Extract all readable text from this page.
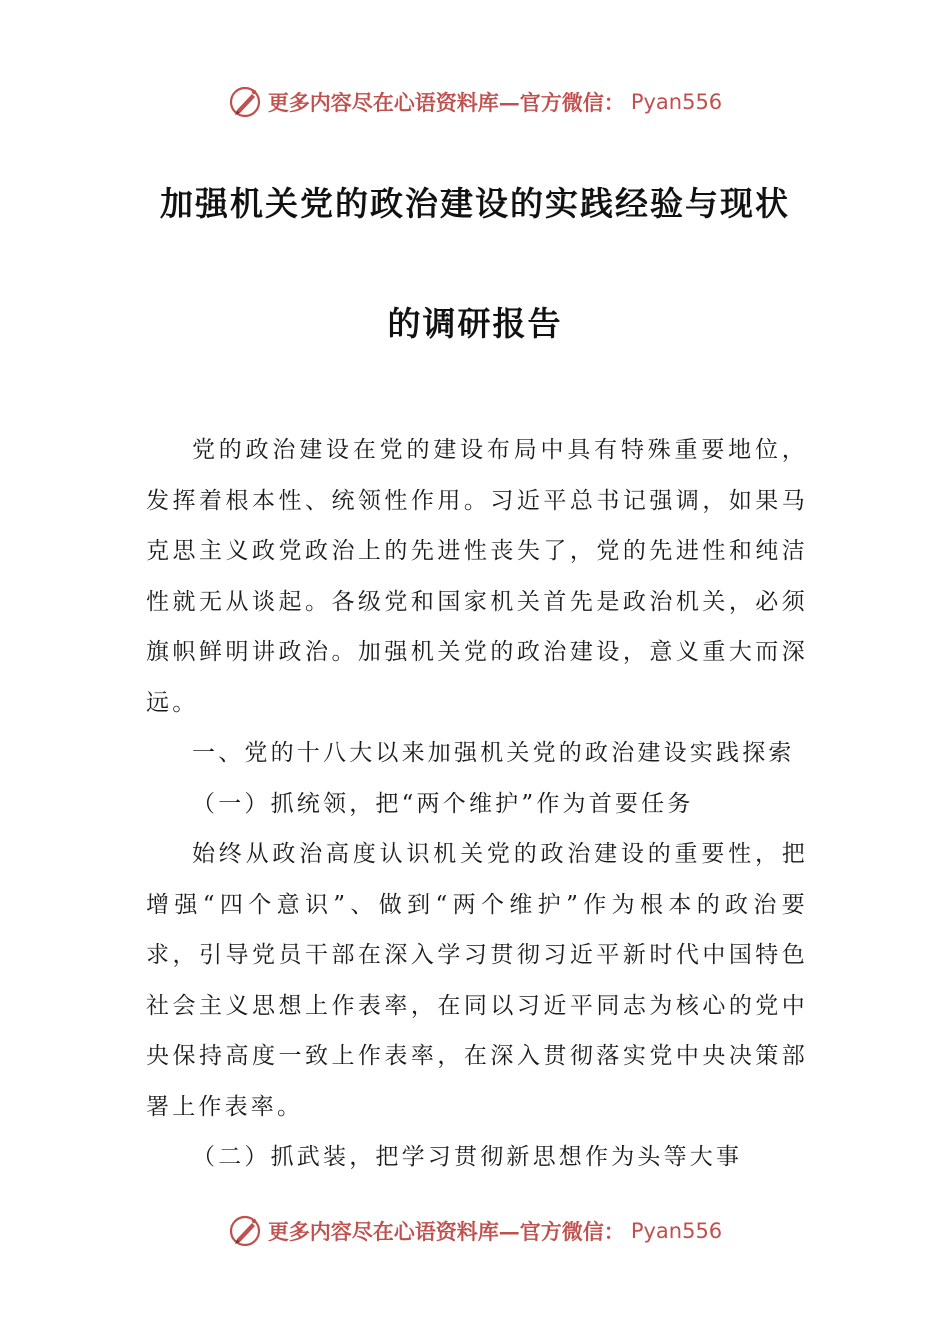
更多内容尽在心语资料库—官方微信： Pyan556
加强机关党的政治建设的实践经验与现状
的调研报告

党的政治建设在党的建设布局中具有特殊重要地位，发挥着根本性、统领性作用。习近平总书记强调，如果马克思主义政党政治上的先进性丧失了，党的先进性和纯洁性就无从谈起。各级党和国家机关首先是政治机关，必须旗帜鲜明讲政治。加强机关党的政治建设，意义重大而深远。

一、党的十八大以来加强机关党的政治建设实践探索

（一）抓统领，把“两个维护”作为首要任务

始终从政治高度认识机关党的政治建设的重要性，把增强“四个意识”、做到“两个维护”作为根本的政治要求，引导党员干部在深入学习贯彻习近平新时代中国特色社会主义思想上作表率，在同以习近平同志为核心的党中央保持高度一致上作表率，在深入贯彻落实党中央决策部署上作表率。

（二）抓武装，把学习贯彻新思想作为头等大事

更多内容尽在心语资料库—官方微信： Pyan556
